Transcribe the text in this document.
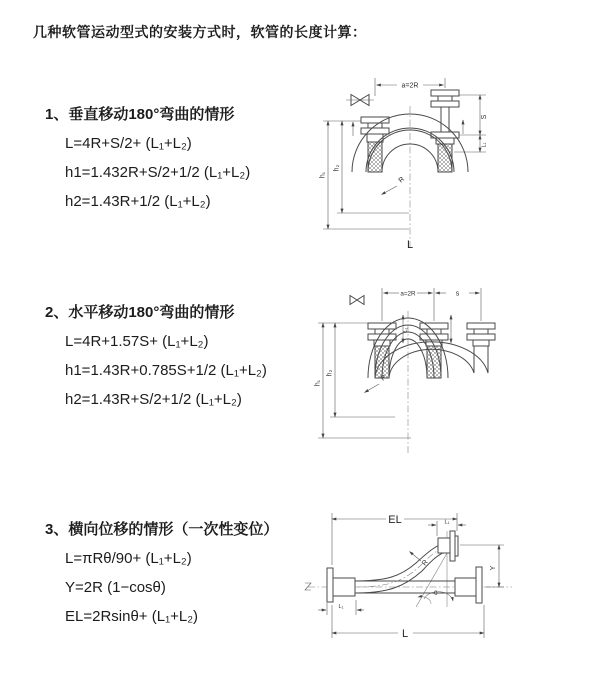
几种软管运动型式的安装方式时，软管的长度计算：
1、垂直移动180°弯曲的情形
L=4R+S/2+ (L₁+L₂)
h1=1.432R+S/2+1/2 (L₁+L₂)
h2=1.43R+1/2 (L₁+L₂)
2、水平移动180°弯曲的情形
L=4R+1.57S+ (L₁+L₂)
h1=1.43R+0.785S+1/2 (L₁+L₂)
h2=1.43R+S/2+1/2 (L₁+L₂)
3、横向位移的情形（一次性变位）
L=πRθ/90+ (L₁+L₂)
Y=2R (1−cosθ)
EL=2Rsinθ+ (L₁+L₂)
a=2R
h₁
h₂
S
L₁
R
L
a=2R	s
h₁
h₂
L₁
EL	L₁
Y
L
L₁
R
θ
